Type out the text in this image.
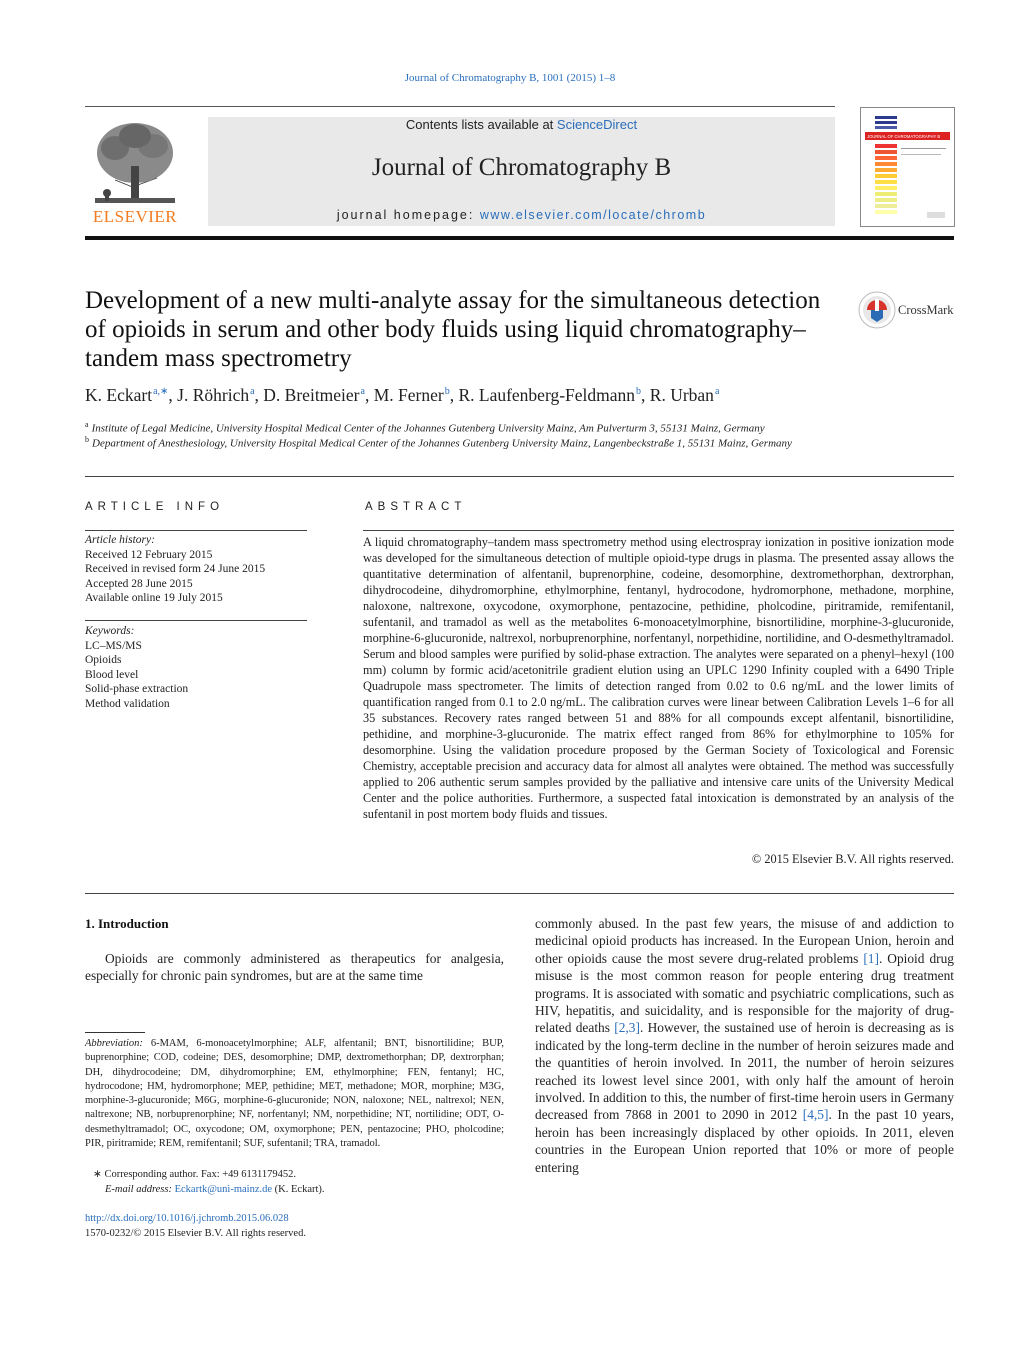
Journal of Chromatography B, 1001 (2015) 1–8
ELSEVIER
Contents lists available at ScienceDirect
Journal of Chromatography B
journal homepage: www.elsevier.com/locate/chromb
JOURNAL OF CHROMATOGRAPHY B
Development of a new multi-analyte assay for the simultaneous detection of opioids in serum and other body fluids using liquid chromatography–tandem mass spectrometry
CrossMark
K. Eckart$^{a,∗}$, J. Röhrich$^a$, D. Breitmeier$^a$, M. Ferner$^b$, R. Laufenberg-Feldmann$^b$, R. Urban$^a$
$^a$ Institute of Legal Medicine, University Hospital Medical Center of the Johannes Gutenberg University Mainz, Am Pulverturm 3, 55131 Mainz, Germany
$^b$ Department of Anesthesiology, University Hospital Medical Center of the Johannes Gutenberg University Mainz, Langenbeckstraße 1, 55131 Mainz, Germany
ARTICLE INFO
Article history:
Received 12 February 2015
Received in revised form 24 June 2015
Accepted 28 June 2015
Available online 19 July 2015
Keywords:
LC–MS/MS
Opioids
Blood level
Solid-phase extraction
Method validation
ABSTRACT
A liquid chromatography–tandem mass spectrometry method using electrospray ionization in positive ionization mode was developed for the simultaneous detection of multiple opioid-type drugs in plasma. The presented assay allows the quantitative determination of alfentanil, buprenorphine, codeine, desomorphine, dextromethorphan, dextrorphan, dihydrocodeine, dihydromorphine, ethylmorphine, fentanyl, hydrocodone, hydromorphone, methadone, morphine, naloxone, naltrexone, oxycodone, oxymorphone, pentazocine, pethidine, pholcodine, piritramide, remifentanil, sufentanil, and tramadol as well as the metabolites 6-monoacetylmorphine, bisnortilidine, morphine-3-glucuronide, morphine-6-glucuronide, naltrexol, norbuprenorphine, norfentanyl, norpethidine, nortilidine, and O-desmethyltramadol. Serum and blood samples were purified by solid-phase extraction. The analytes were separated on a phenyl–hexyl (100 mm) column by formic acid/acetonitrile gradient elution using an UPLC 1290 Infinity coupled with a 6490 Triple Quadrupole mass spectrometer. The limits of detection ranged from 0.02 to 0.6 ng/mL and the lower limits of quantification ranged from 0.1 to 2.0 ng/mL. The calibration curves were linear between Calibration Levels 1–6 for all 35 substances. Recovery rates ranged between 51 and 88% for all compounds except alfentanil, bisnortilidine, pethidine, and morphine-3-glucuronide. The matrix effect ranged from 86% for ethylmorphine to 105% for desomorphine. Using the validation procedure proposed by the German Society of Toxicological and Forensic Chemistry, acceptable precision and accuracy data for almost all analytes were obtained. The method was successfully applied to 206 authentic serum samples provided by the palliative and intensive care units of the University Medical Center and the police authorities. Furthermore, a suspected fatal intoxication is demonstrated by an analysis of the sufentanil in post mortem body fluids and tissues.
© 2015 Elsevier B.V. All rights reserved.
1. Introduction
Opioids are commonly administered as therapeutics for analgesia, especially for chronic pain syndromes, but are at the same time
commonly abused. In the past few years, the misuse of and addiction to medicinal opioid products has increased. In the European Union, heroin and other opioids cause the most severe drug-related problems [1]. Opioid drug misuse is the most common reason for people entering drug treatment programs. It is associated with somatic and psychiatric complications, such as HIV, hepatitis, and suicidality, and is responsible for the majority of drug-related deaths [2,3]. However, the sustained use of heroin is decreasing as is indicated by the long-term decline in the number of heroin seizures made and the quantities of heroin involved. In 2011, the number of heroin seizures reached its lowest level since 2001, with only half the amount of heroin involved. In addition to this, the number of first-time heroin users in Germany decreased from 7868 in 2001 to 2090 in 2012 [4,5]. In the past 10 years, heroin has been increasingly displaced by other opioids. In 2011, eleven countries in the European Union reported that 10% or more of people entering
Abbreviation: 6-MAM, 6-monoacetylmorphine; ALF, alfentanil; BNT, bisnortilidine; BUP, buprenorphine; COD, codeine; DES, desomorphine; DMP, dextromethorphan; DP, dextrorphan; DH, dihydrocodeine; DM, dihydromorphine; EM, ethylmorphine; FEN, fentanyl; HC, hydrocodone; HM, hydromorphone; MEP, pethidine; MET, methadone; MOR, morphine; M3G, morphine-3-glucuronide; M6G, morphine-6-glucuronide; NON, naloxone; NEL, naltrexol; NEN, naltrexone; NB, norbuprenorphine; NF, norfentanyl; NM, norpethidine; NT, nortilidine; ODT, O-desmethyltramadol; OC, oxycodone; OM, oxymorphone; PEN, pentazocine; PHO, pholcodine; PIR, piritramide; REM, remifentanil; SUF, sufentanil; TRA, tramadol.
∗ Corresponding author. Fax: +49 6131179452.
E-mail address: Eckartk@uni-mainz.de (K. Eckart).
http://dx.doi.org/10.1016/j.jchromb.2015.06.028
1570-0232/© 2015 Elsevier B.V. All rights reserved.
